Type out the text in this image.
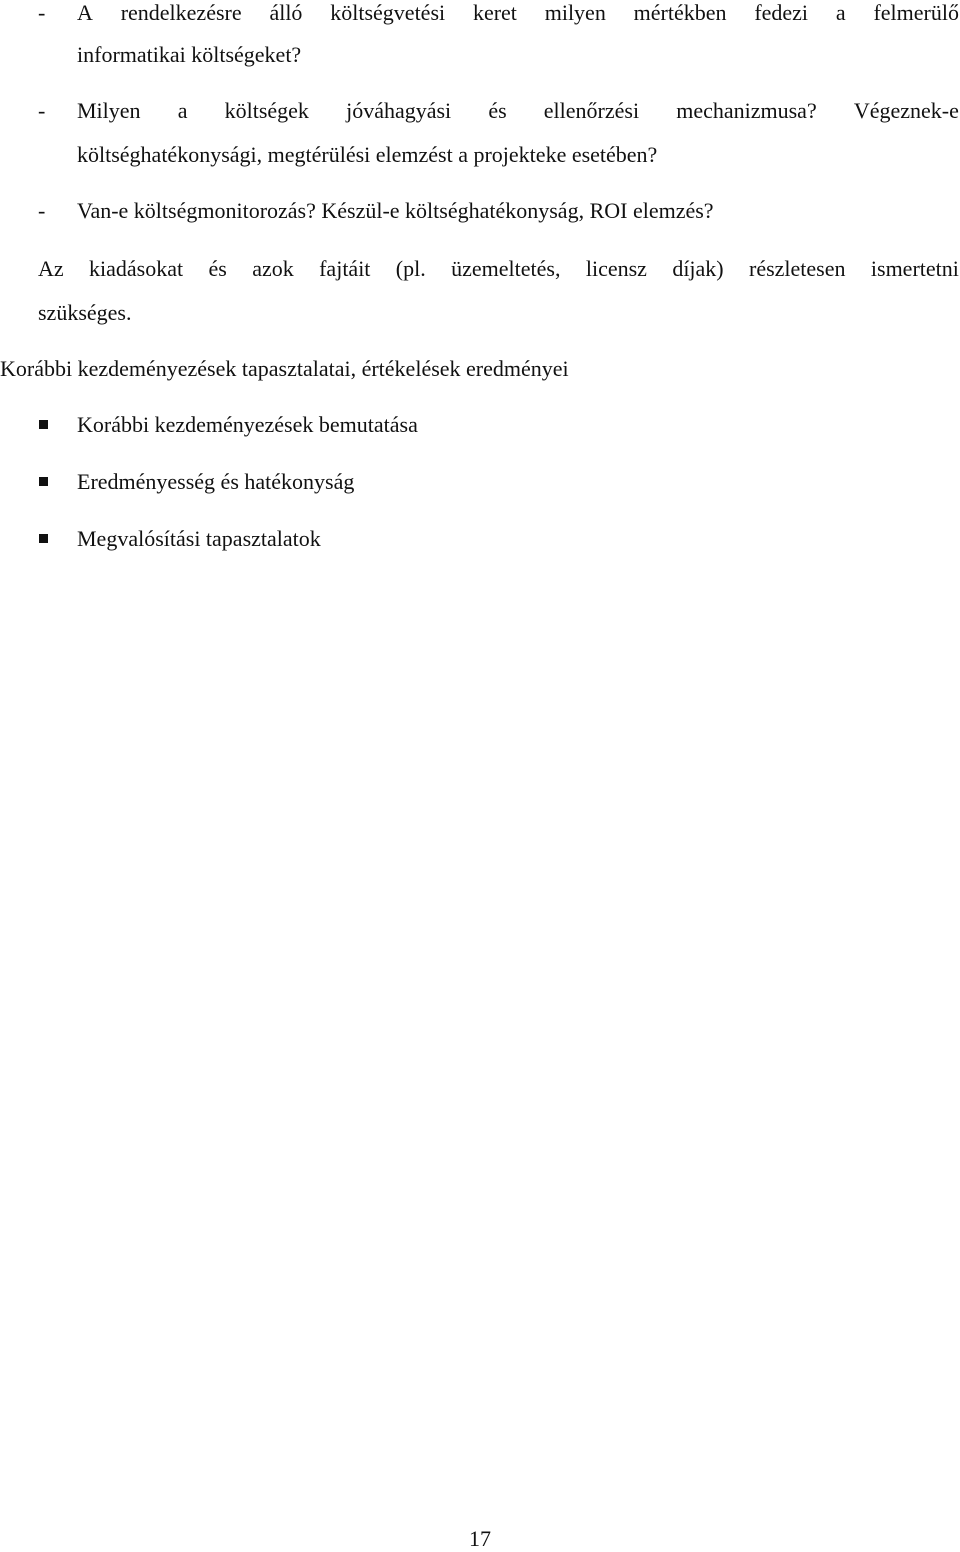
- A rendelkezésre álló költségvetési keret milyen mértékben fedezi a felmerülő
informatikai költségeket?
- Milyen a költségek jóváhagyási és ellenőrzési mechanizmusa? Végeznek-e
költséghatékonysági, megtérülési elemzést a projekteke esetében?
- Van-e költségmonitorozás? Készül-e költséghatékonyság, ROI elemzés?
Az kiadásokat és azok fajtáit (pl. üzemeltetés, licensz díjak) részletesen ismertetni
szükséges.
Korábbi kezdeményezések tapasztalatai, értékelések eredményei
Korábbi kezdeményezések bemutatása
Eredményesség és hatékonyság
Megvalósítási tapasztalatok
17
